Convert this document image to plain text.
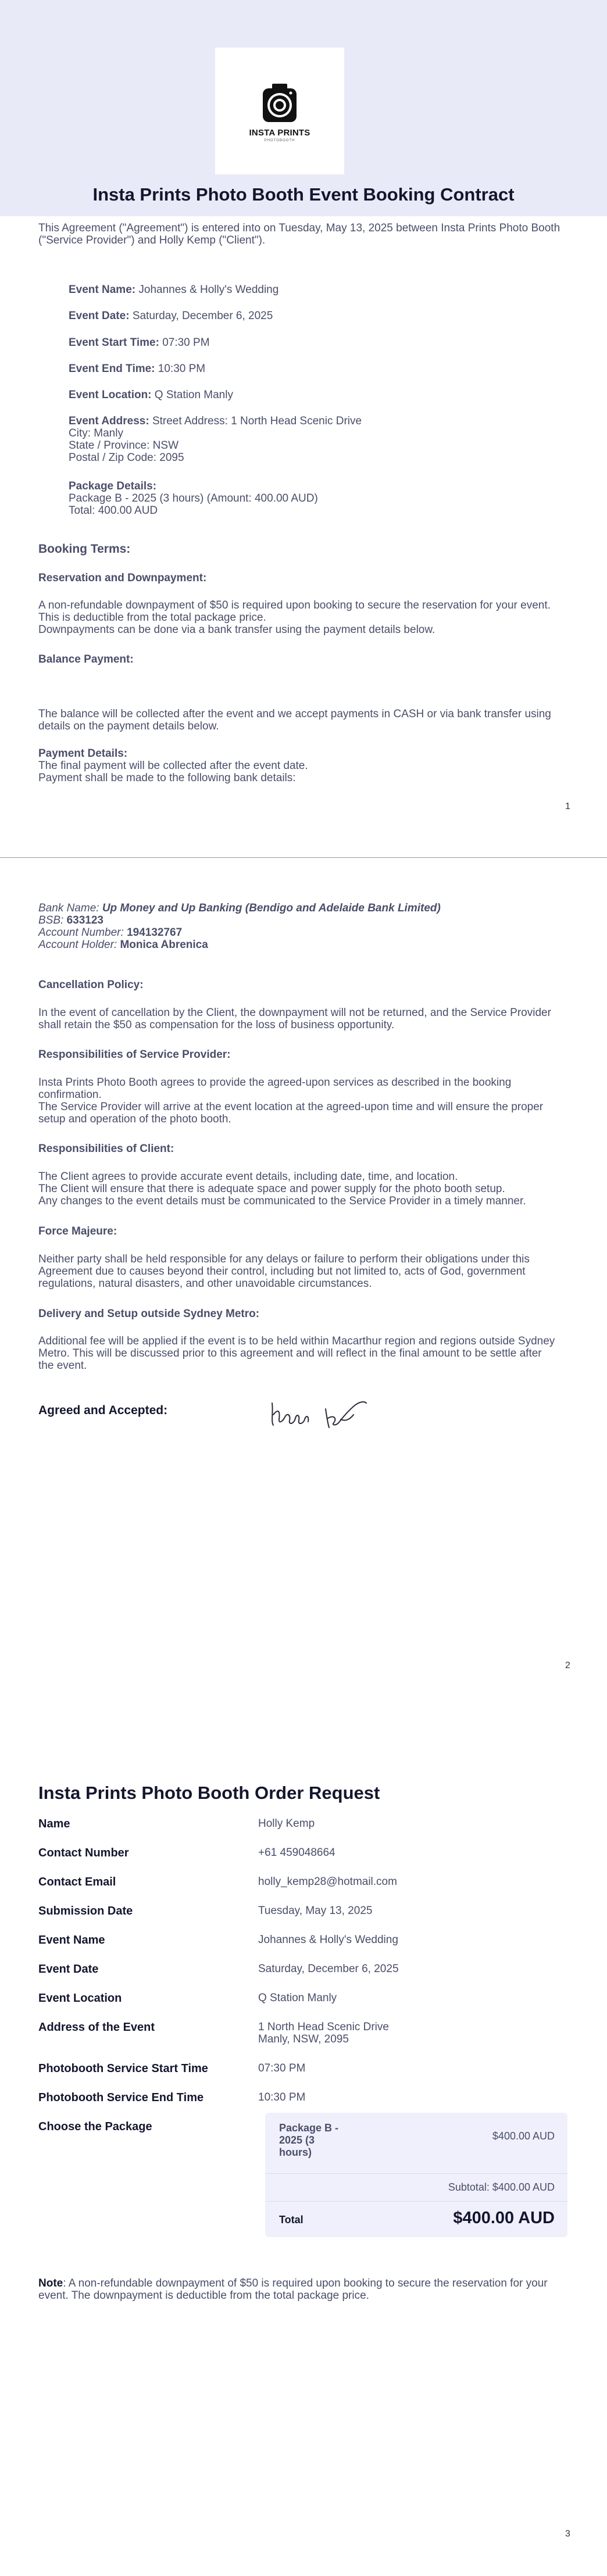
INSTA PRINTS
PHOTOBOOTH
Insta Prints Photo Booth Event Booking Contract
This Agreement ("Agreement") is entered into on Tuesday, May 13, 2025 between Insta Prints Photo Booth
("Service Provider") and Holly Kemp ("Client").
Event Name: Johannes & Holly's Wedding
Event Date: Saturday, December 6, 2025
Event Start Time: 07:30 PM
Event End Time: 10:30 PM
Event Location: Q Station Manly
Event Address: Street Address: 1 North Head Scenic Drive
City: Manly
State / Province: NSW
Postal / Zip Code: 2095
Package Details:
Package B - 2025 (3 hours) (Amount: 400.00 AUD)
Total: 400.00 AUD
Booking Terms:
Reservation and Downpayment:
A non-refundable downpayment of $50 is required upon booking to secure the reservation for your event.
This is deductible from the total package price.
Downpayments can be done via a bank transfer using the payment details below.
Balance Payment:
The balance will be collected after the event and we accept payments in CASH or via bank transfer using
details on the payment details below.
Payment Details:
The final payment will be collected after the event date.
Payment shall be made to the following bank details:
1
Bank Name: Up Money and Up Banking (Bendigo and Adelaide Bank Limited)
BSB: 633123
Account Number: 194132767
Account Holder: Monica Abrenica
Cancellation Policy:
In the event of cancellation by the Client, the downpayment will not be returned, and the Service Provider
shall retain the $50 as compensation for the loss of business opportunity.
Responsibilities of Service Provider:
Insta Prints Photo Booth agrees to provide the agreed-upon services as described in the booking
confirmation.
The Service Provider will arrive at the event location at the agreed-upon time and will ensure the proper
setup and operation of the photo booth.
Responsibilities of Client:
The Client agrees to provide accurate event details, including date, time, and location.
The Client will ensure that there is adequate space and power supply for the photo booth setup.
Any changes to the event details must be communicated to the Service Provider in a timely manner.
Force Majeure:
Neither party shall be held responsible for any delays or failure to perform their obligations under this
Agreement due to causes beyond their control, including but not limited to, acts of God, government
regulations, natural disasters, and other unavoidable circumstances.
Delivery and Setup outside Sydney Metro:
Additional fee will be applied if the event is to be held within Macarthur region and regions outside Sydney
Metro. This will be discussed prior to this agreement and will reflect in the final amount to be settle after
the event.
Agreed and Accepted:
2
Insta Prints Photo Booth Order Request
Name	Holly Kemp
Contact Number	+61 459048664
Contact Email	holly_kemp28@hotmail.com
Submission Date	Tuesday, May 13, 2025
Event Name	Johannes & Holly's Wedding
Event Date	Saturday, December 6, 2025
Event Location	Q Station Manly
Address of the Event	1 North Head Scenic Drive
Manly, NSW, 2095
Photobooth Service Start Time	07:30 PM
Photobooth Service End Time	10:30 PM
Choose the Package	Package B -
2025 (3
hours)
$400.00 AUD
Subtotal: $400.00 AUD
Total	$400.00 AUD
Note: A non-refundable downpayment of $50 is required upon booking to secure the reservation for your
event. The downpayment is deductible from the total package price.
3
